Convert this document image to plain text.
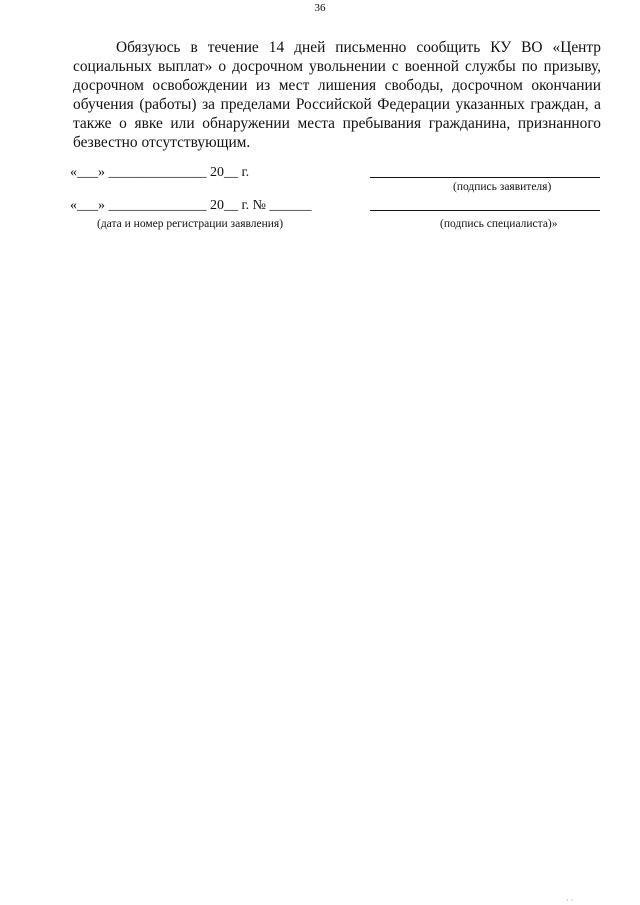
36

Обязуюсь в течение 14 дней письменно сообщить КУ ВО «Центр социальных выплат» о досрочном увольнении с военной службы по призыву, досрочном освобождении из мест лишения свободы, досрочном окончании обучения (работы) за пределами Российской Федерации указанных граждан, а также о явке или обнаружении места пребывания гражданина, признанного безвестно отсутствующим.

«___» ______________ 20__ г.
(подпись заявителя)
«___» ______________ 20__ г. № ______
(дата и номер регистрации заявления)	(подпись специалиста)»
· ·
